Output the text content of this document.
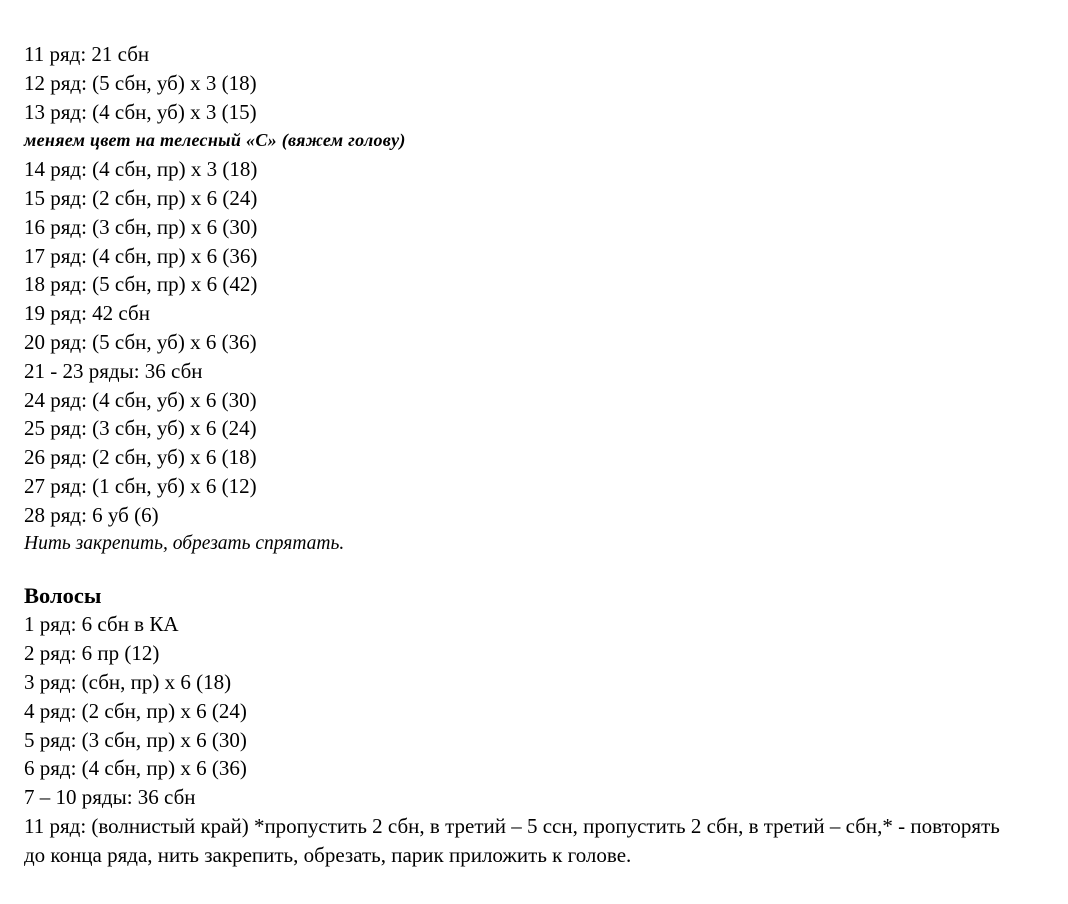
11 ряд: 21 сбн
12 ряд: (5 сбн, уб) х 3 (18)
13 ряд: (4 сбн, уб) х 3 (15)
меняем цвет на телесный «С» (вяжем голову)
14 ряд: (4 сбн, пр) х 3 (18)
15 ряд: (2 сбн, пр) х 6 (24)
16 ряд: (3 сбн, пр) х 6 (30)
17 ряд: (4 сбн, пр) х 6 (36)
18 ряд: (5 сбн, пр) х 6 (42)
19 ряд: 42 сбн
20 ряд: (5 сбн, уб) х 6 (36)
21 - 23 ряды: 36 сбн
24 ряд: (4 сбн, уб) х 6 (30)
25 ряд: (3 сбн, уб) х 6 (24)
26 ряд: (2 сбн, уб) х 6 (18)
27 ряд: (1 сбн, уб) х 6 (12)
28 ряд: 6 уб (6)
Нить закрепить, обрезать спрятать.
Волосы
1 ряд: 6 сбн в КА
2 ряд: 6 пр (12)
3 ряд: (сбн, пр) х 6 (18)
4 ряд: (2 сбн, пр) х 6 (24)
5 ряд: (3 сбн, пр) х 6 (30)
6 ряд: (4 сбн, пр) х 6 (36)
7 – 10 ряды: 36 сбн
11 ряд: (волнистый край) *пропустить 2 сбн, в третий – 5 ссн, пропустить 2 сбн, в третий – сбн,* - повторять до конца ряда, нить закрепить, обрезать, парик приложить к голове.
